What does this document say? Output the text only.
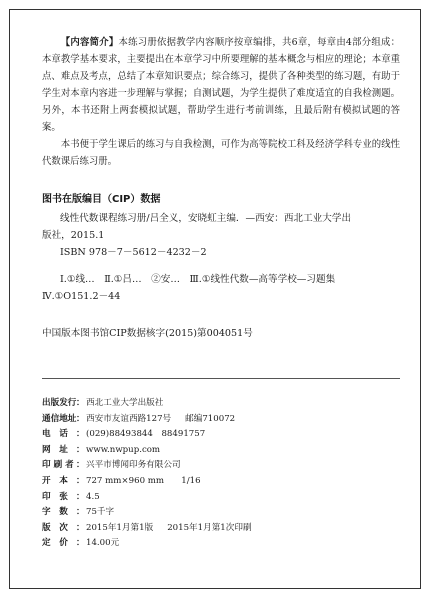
【内容简介】本练习册依据教学内容顺序按章编排，共6章，每章由4部分组成：本章教学基本要求，主要提出在本章学习中所要理解的基本概念与相应的理论；本章重点、难点及考点，总结了本章知识要点；综合练习，提供了各种类型的练习题，有助于学生对本章内容进一步理解与掌握；自测试题，为学生提供了难度适宜的自我检测题。另外，本书还附上两套模拟试题，帮助学生进行考前训练，且最后附有模拟试题的答案。

本书便于学生课后的练习与自我检测，可作为高等院校工科及经济学科专业的线性代数课后练习册。

图书在版编目（CIP）数据

线性代数课程练习册/吕全义，安晓虹主编．—西安：西北工业大学出

版社，2015.1

ISBN 978－7－5612－4232－2

Ⅰ.①线…　Ⅱ.①吕…　②安…　Ⅲ.①线性代数—高等学校—习题集

Ⅳ.①O151.2－44

中国版本图书馆CIP数据核字(2015)第004051号
出版发行 ： 西北工业大学出版社
通信地址 ： 西安市友谊西路127号 邮编710072
电　话 ： (029)88493844　88491757
网　址 ： www.nwpup.com
印 刷 者 ： 兴平市博闻印务有限公司
开　本 ： 727 mm×960 mm　　1/16
印　张 ： 4.5
字　数 ： 75千字
版　次 ： 2015年1月第1版 2015年1月第1次印刷
定　价 ： 14.00元
